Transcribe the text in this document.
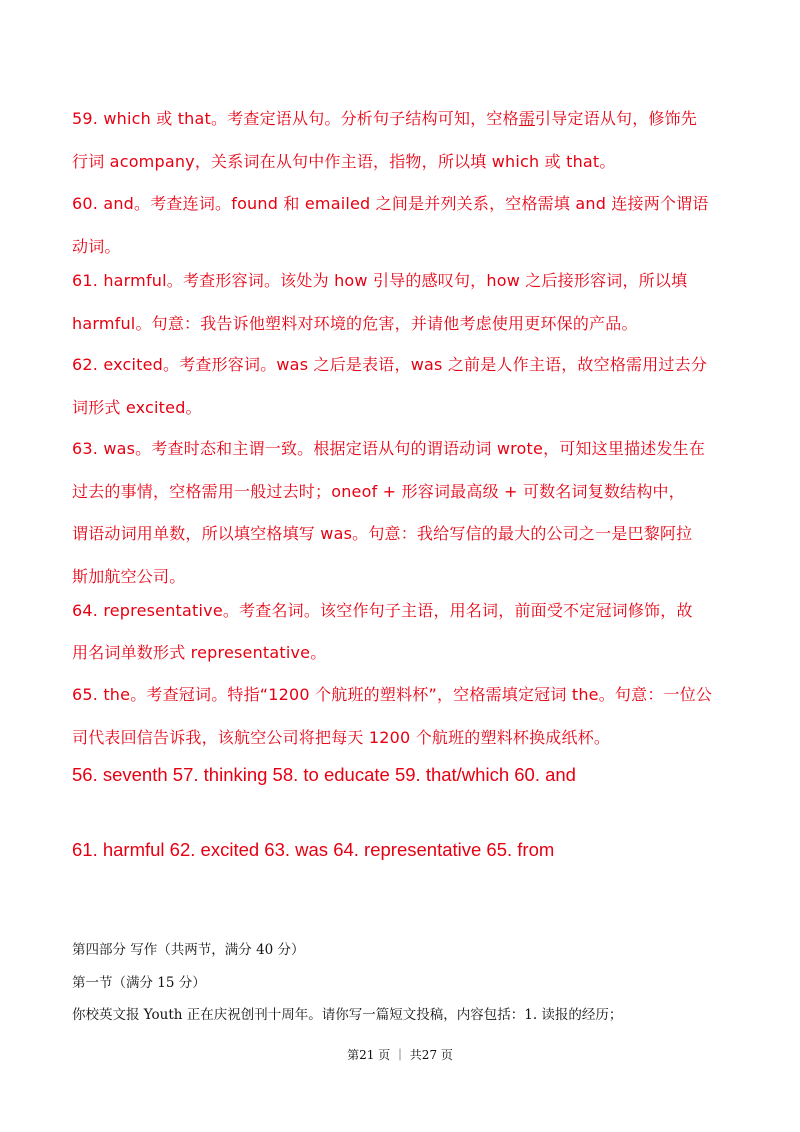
59. which 或 that。考查定语从句。分析句子结构可知，空格需引导定语从句，修饰先
行词 acompany，关系词在从句中作主语，指物，所以填 which 或 that。
60. and。考查连词。found 和 emailed 之间是并列关系，空格需填 and 连接两个谓语
动词。
61. harmful。考查形容词。该处为 how 引导的感叹句，how 之后接形容词，所以填
harmful。句意：我告诉他塑料对环境的危害，并请他考虑使用更环保的产品。
62. excited。考查形容词。was 之后是表语，was 之前是人作主语，故空格需用过去分
词形式 excited。
63. was。考查时态和主谓一致。根据定语从句的谓语动词 wrote，可知这里描述发生在
过去的事情，空格需用一般过去时；oneof + 形容词最高级 + 可数名词复数结构中，
谓语动词用单数，所以填空格填写 was。句意：我给写信的最大的公司之一是巴黎阿拉
斯加航空公司。
64. representative。考查名词。该空作句子主语，用名词，前面受不定冠词修饰，故
用名词单数形式 representative。
65. the。考查冠词。特指“1200 个航班的塑料杯”，空格需填定冠词 the。句意：一位公
司代表回信告诉我，该航空公司将把每天 1200 个航班的塑料杯换成纸杯。
56. seventh 57. thinking 58. to educate 59. that/which 60. and
61. harmful 62. excited 63. was 64. representative 65. from
第四部分 写作（共两节，满分 40 分）
第一节（满分 15 分）
你校英文报 Youth 正在庆祝创刊十周年。请你写一篇短文投稿，内容包括：1. 读报的经历；
第21 页 ｜ 共27 页
